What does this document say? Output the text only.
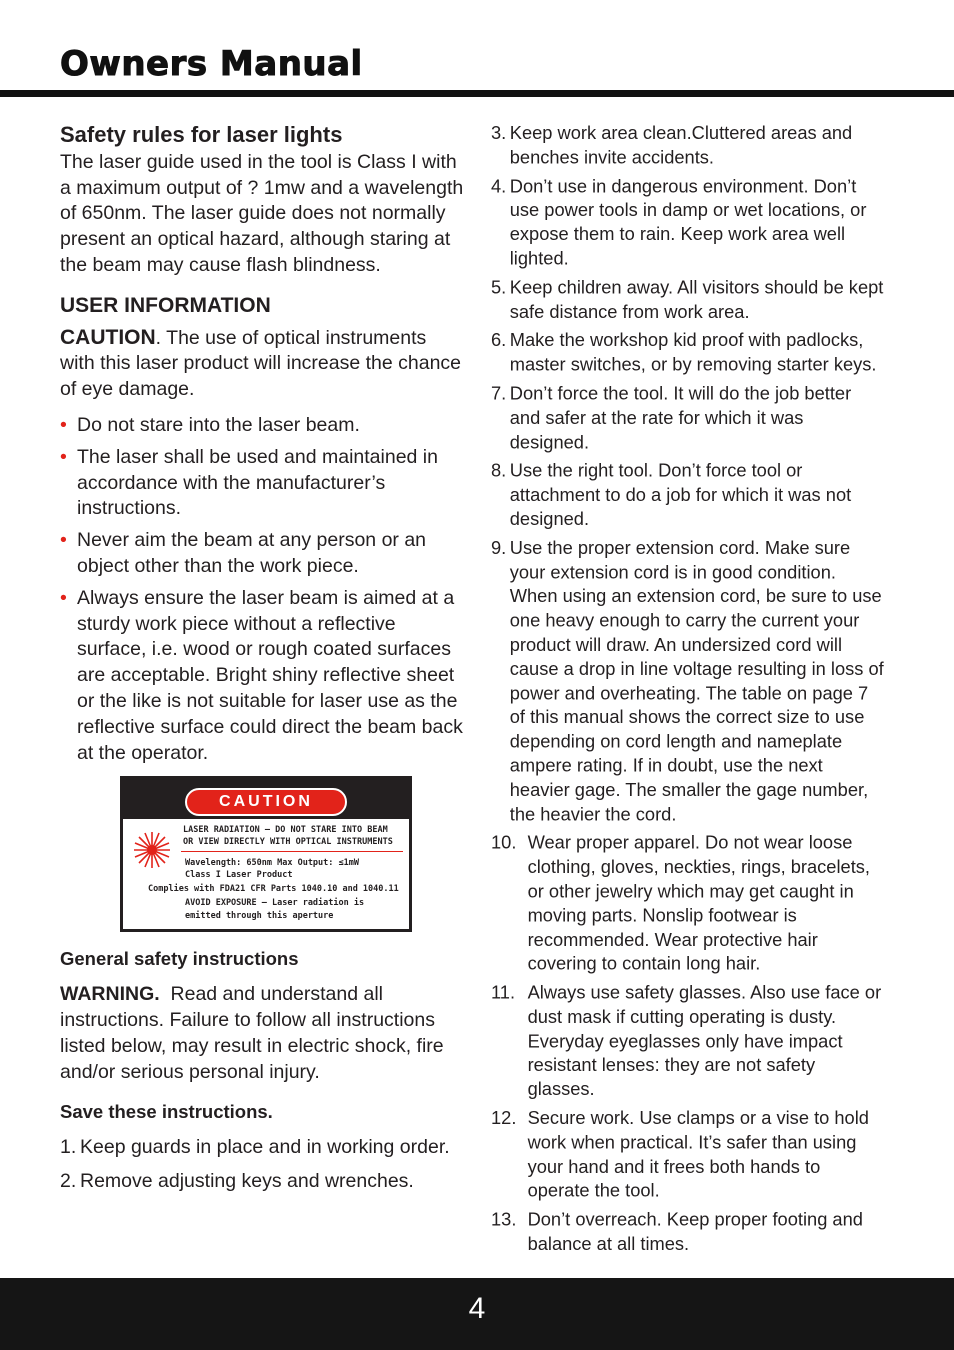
Owners Manual
Safety rules for laser lights

The laser guide used in the tool is Class I with a maximum output of ? 1mw and a wavelength of 650nm. The laser guide does not normally present an optical hazard, although staring at the beam may cause flash blindness.

USER INFORMATION

CAUTION. The use of optical instruments with this laser product will increase the chance of eye damage.

• Do not stare into the laser beam.
• The laser shall be used and maintained in accordance with the manufacturer’s instructions.
• Never aim the beam at any person or an object other than the work piece.
• Always ensure the laser beam is aimed at a sturdy work piece without a reflective surface, i.e. wood or rough coated surfaces are acceptable. Bright shiny reflective sheet or the like is not suitable for laser use as the reflective surface could direct the beam back at the operator.
CAUTION
LASER RADIATION – DO NOT STARE INTO BEAM
OR VIEW DIRECTLY WITH OPTICAL INSTRUMENTS
Wavelength: 650nm Max Output: ≤1mW
Class I Laser Product
Complies with FDA21 CFR Parts 1040.10 and 1040.11
AVOID EXPOSURE – Laser radiation is
emitted through this aperture
General safety instructions

WARNING. Read and understand all instructions. Failure to follow all instructions listed below, may result in electric shock, fire and/or serious personal injury.

Save these instructions.
1. Keep guards in place and in working order.
2. Remove adjusting keys and wrenches.
3. Keep work area clean.Cluttered areas and benches invite accidents.
4. Don’t use in dangerous environment. Don’t use power tools in damp or wet locations, or expose them to rain. Keep work area well lighted.
5. Keep children away. All visitors should be kept safe distance from work area.
6. Make the workshop kid proof with padlocks, master switches, or by removing starter keys.
7. Don’t force the tool. It will do the job better and safer at the rate for which it was designed.
8. Use the right tool. Don’t force tool or attachment to do a job for which it was not designed.
9. Use the proper extension cord. Make sure your extension cord is in good condition. When using an extension cord, be sure to use one heavy enough to carry the current your product will draw. An undersized cord will cause a drop in line voltage resulting in loss of power and overheating. The table on page 7 of this manual shows the correct size to use depending on cord length and nameplate ampere rating. If in doubt, use the next heavier gage. The smaller the gage number, the heavier the cord.
10. Wear proper apparel. Do not wear loose clothing, gloves, neckties, rings, bracelets, or other jewelry which may get caught in moving parts. Nonslip footwear is recommended. Wear protective hair covering to contain long hair.
11. Always use safety glasses. Also use face or dust mask if cutting operating is dusty. Everyday eyeglasses only have impact resistant lenses: they are not safety glasses.
12. Secure work. Use clamps or a vise to hold work when practical. It’s safer than using your hand and it frees both hands to operate the tool.
13. Don’t overreach. Keep proper footing and balance at all times.
4
